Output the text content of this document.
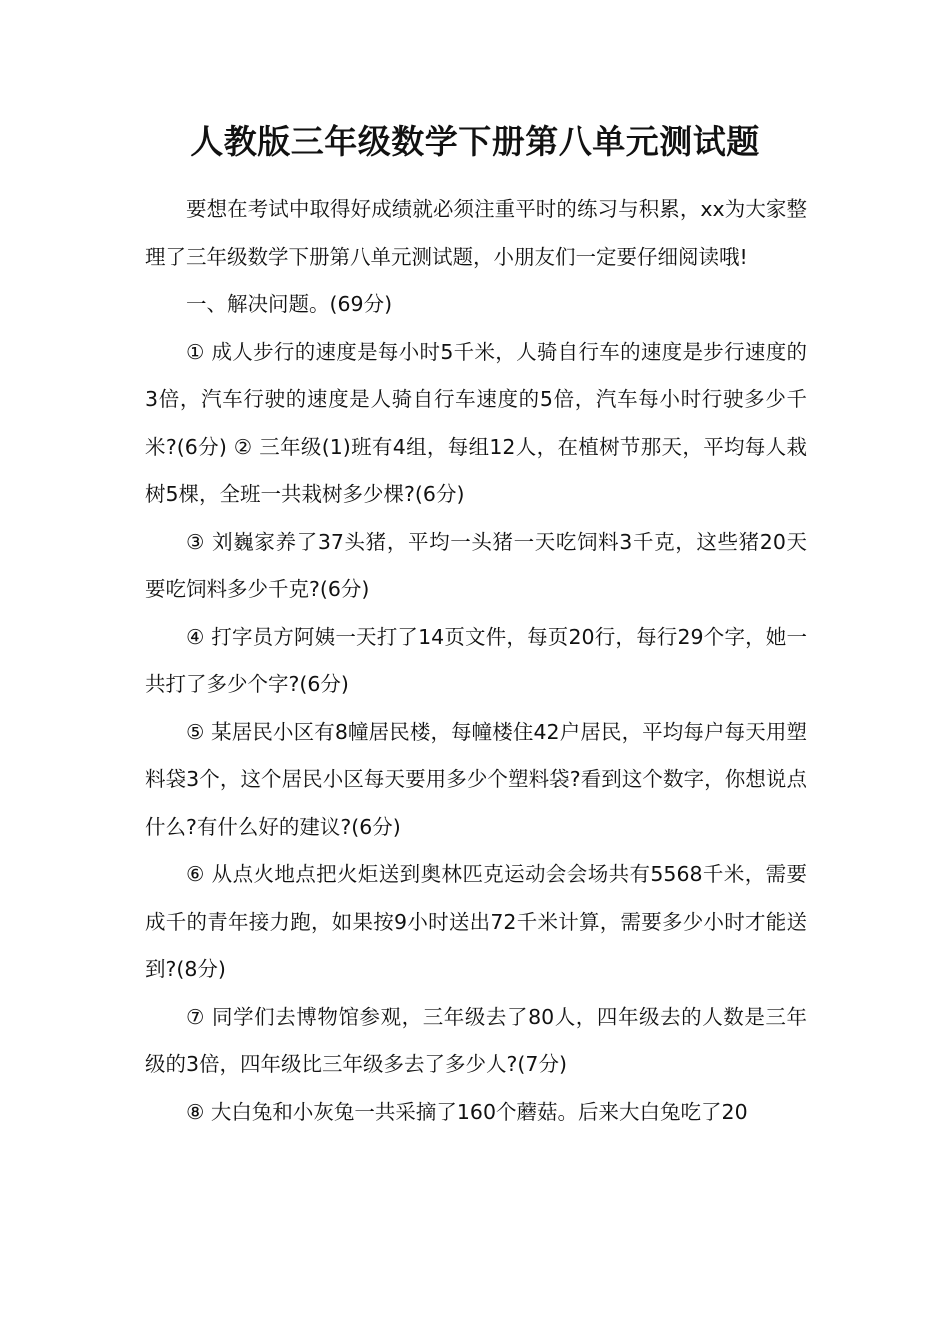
人教版三年级数学下册第八单元测试题

要想在考试中取得好成绩就必须注重平时的练习与积累，xx为大家整理了三年级数学下册第八单元测试题，小朋友们一定要仔细阅读哦!

一、解决问题。(69分)

① 成人步行的速度是每小时5千米，人骑自行车的速度是步行速度的3倍，汽车行驶的速度是人骑自行车速度的5倍，汽车每小时行驶多少千米?(6分) ② 三年级(1)班有4组，每组12人，在植树节那天，平均每人栽树5棵，全班一共栽树多少棵?(6分)

③ 刘巍家养了37头猪，平均一头猪一天吃饲料3千克，这些猪20天要吃饲料多少千克?(6分)

④ 打字员方阿姨一天打了14页文件，每页20行，每行29个字，她一共打了多少个字?(6分)

⑤ 某居民小区有8幢居民楼，每幢楼住42户居民，平均每户每天用塑料袋3个，这个居民小区每天要用多少个塑料袋?看到这个数字，你想说点什么?有什么好的建议?(6分)

⑥ 从点火地点把火炬送到奥林匹克运动会会场共有5568千米，需要成千的青年接力跑，如果按9小时送出72千米计算，需要多少小时才能送到?(8分)

⑦ 同学们去博物馆参观，三年级去了80人，四年级去的人数是三年级的3倍，四年级比三年级多去了多少人?(7分)

⑧ 大白兔和小灰兔一共采摘了160个蘑菇。后来大白兔吃了20
